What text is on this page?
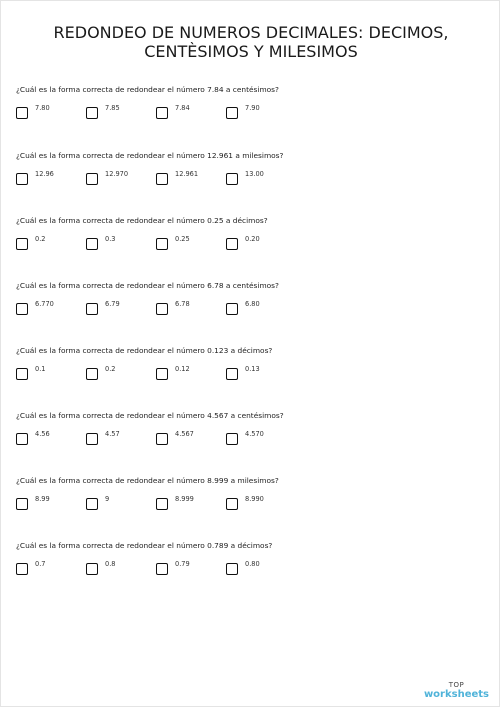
REDONDEO DE NUMEROS DECIMALES: DECIMOS,
CENTÈSIMOS Y MILESIMOS
¿Cuál es la forma correcta de redondear el número 7.84 a centésimos?
7.80	7.85	7.84	7.90
¿Cuál es la forma correcta de redondear el número 12.961 a milesimos?
12.96	12.970	12.961	13.00
¿Cuál es la forma correcta de redondear el número 0.25 a décimos?
0.2	0.3	0.25	0.20
¿Cuál es la forma correcta de redondear el número 6.78 a centésimos?
6.770	6.79	6.78	6.80
¿Cuál es la forma correcta de redondear el número 0.123 a décimos?
0.1	0.2	0.12	0.13
¿Cuál es la forma correcta de redondear el número 4.567 a centésimos?
4.56	4.57	4.567	4.570
¿Cuál es la forma correcta de redondear el número 8.999 a milesimos?
8.99	9	8.999	8.990
¿Cuál es la forma correcta de redondear el número 0.789 a décimos?
0.7	0.8	0.79	0.80
TOP
worksheets
